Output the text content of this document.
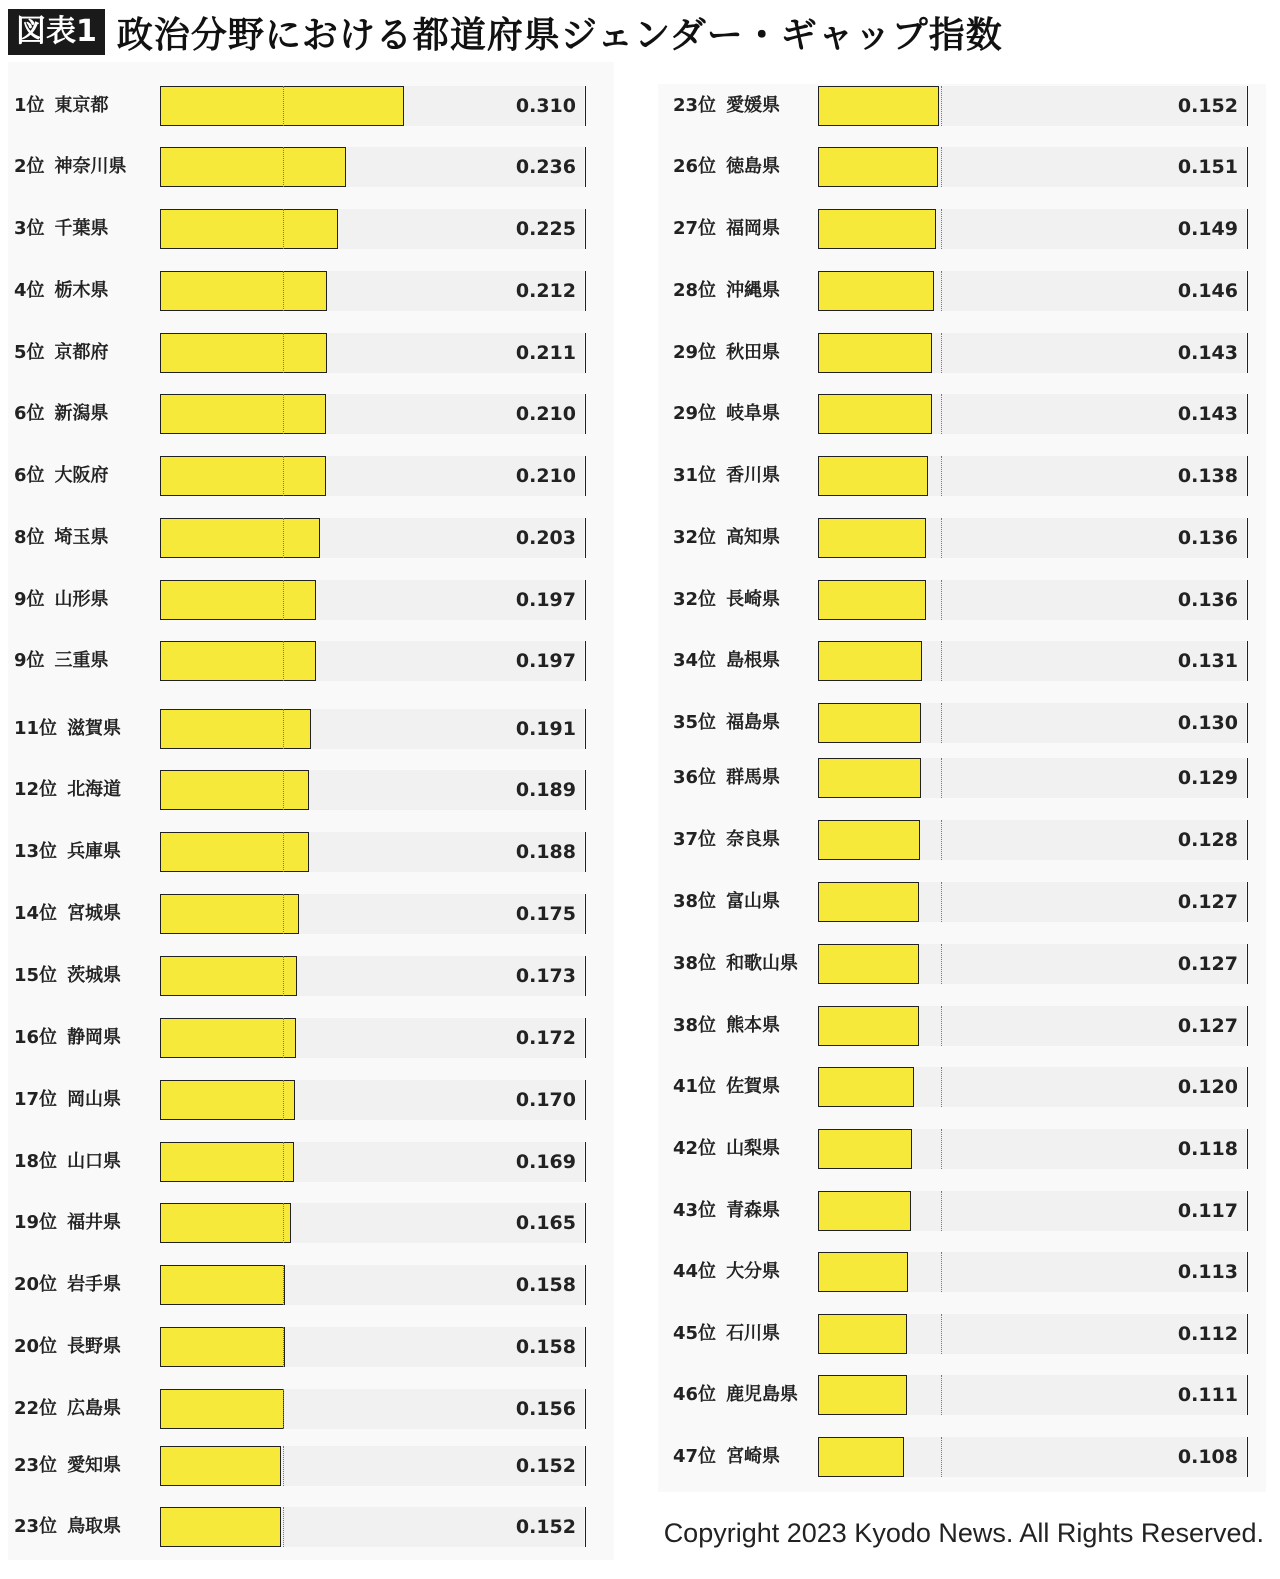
図表1 政治分野における都道府県ジェンダー・ギャップ指数
1位 東京都	0.310
2位 神奈川県	0.236
3位 千葉県	0.225
4位 栃木県	0.212
5位 京都府	0.211
6位 新潟県	0.210
6位 大阪府	0.210
8位 埼玉県	0.203
9位 山形県	0.197
9位 三重県	0.197
11位 滋賀県	0.191
12位 北海道	0.189
13位 兵庫県	0.188
14位 宮城県	0.175
15位 茨城県	0.173
16位 静岡県	0.172
17位 岡山県	0.170
18位 山口県	0.169
19位 福井県	0.165
20位 岩手県	0.158
20位 長野県	0.158
22位 広島県	0.156
23位 愛知県	0.152
23位 鳥取県	0.152
23位 愛媛県	0.152
26位 徳島県	0.151
27位 福岡県	0.149
28位 沖縄県	0.146
29位 秋田県	0.143
29位 岐阜県	0.143
31位 香川県	0.138
32位 高知県	0.136
32位 長崎県	0.136
34位 島根県	0.131
35位 福島県	0.130
36位 群馬県	0.129
37位 奈良県	0.128
38位 富山県	0.127
38位 和歌山県	0.127
38位 熊本県	0.127
41位 佐賀県	0.120
42位 山梨県	0.118
43位 青森県	0.117
44位 大分県	0.113
45位 石川県	0.112
46位 鹿児島県	0.111
47位 宮崎県	0.108
Copyright 2023 Kyodo News. All Rights Reserved.
